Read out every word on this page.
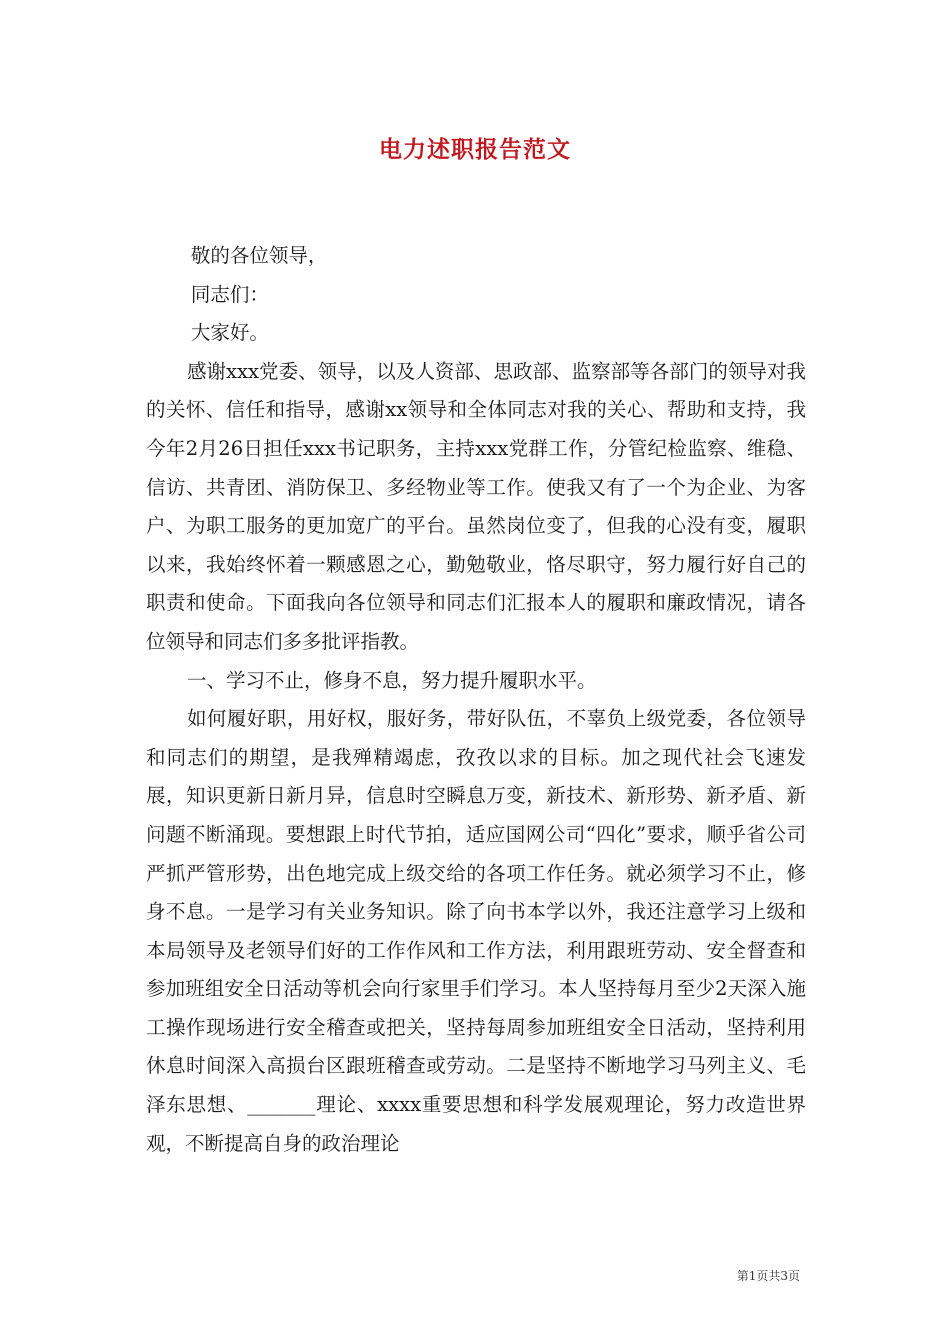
电力述职报告范文

敬的各位领导，

同志们：

大家好。

感谢xxx党委、领导，以及人资部、思政部、监察部等各部门的领导对我的关怀、信任和指导，感谢xx领导和全体同志对我的关心、帮助和支持，我今年2月26日担任xxx书记职务，主持xxx党群工作，分管纪检监察、维稳、信访、共青团、消防保卫、多经物业等工作。使我又有了一个为企业、为客户、为职工服务的更加宽广的平台。虽然岗位变了，但我的心没有变，履职以来，我始终怀着一颗感恩之心，勤勉敬业，恪尽职守，努力履行好自己的职责和使命。下面我向各位领导和同志们汇报本人的履职和廉政情况，请各位领导和同志们多多批评指教。

一、学习不止，修身不息，努力提升履职水平。

如何履好职，用好权，服好务，带好队伍，不辜负上级党委，各位领导和同志们的期望，是我殚精竭虑，孜孜以求的目标。加之现代社会飞速发展，知识更新日新月异，信息时空瞬息万变，新技术、新形势、新矛盾、新问题不断涌现。要想跟上时代节拍，适应国网公司“四化”要求，顺乎省公司严抓严管形势，出色地完成上级交给的各项工作任务。就必须学习不止，修身不息。一是学习有关业务知识。除了向书本学以外，我还注意学习上级和本局领导及老领导们好的工作作风和工作方法，利用跟班劳动、安全督查和参加班组安全日活动等机会向行家里手们学习。本人坚持每月至少2天深入施工操作现场进行安全稽查或把关，坚持每周参加班组安全日活动，坚持利用休息时间深入高损台区跟班稽查或劳动。二是坚持不断地学习马列主义、毛泽东思想、_______理论、xxxx重要思想和科学发展观理论，努力改造世界观，不断提高自身的政治理论

第1页共3页
